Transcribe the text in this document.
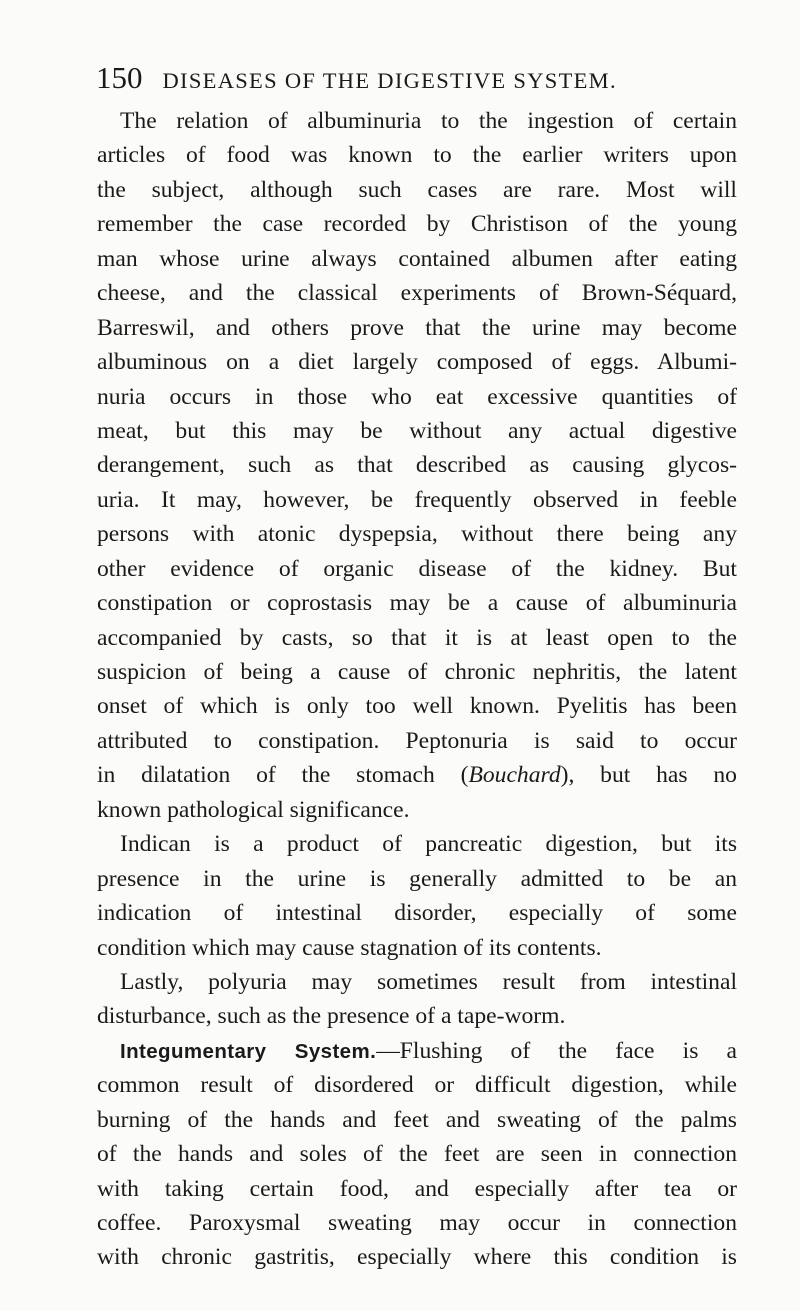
150 DISEASES OF THE DIGESTIVE SYSTEM.
The relation of albuminuria to the ingestion of certain
articles of food was known to the earlier writers upon
the subject, although such cases are rare. Most will
remember the case recorded by Christison of the young
man whose urine always contained albumen after eating
cheese, and the classical experiments of Brown-Séquard,
Barreswil, and others prove that the urine may become
albuminous on a diet largely composed of eggs. Albumi-
nuria occurs in those who eat excessive quantities of
meat, but this may be without any actual digestive
derangement, such as that described as causing glycos-
uria. It may, however, be frequently observed in feeble
persons with atonic dyspepsia, without there being any
other evidence of organic disease of the kidney. But
constipation or coprostasis may be a cause of albuminuria
accompanied by casts, so that it is at least open to the
suspicion of being a cause of chronic nephritis, the latent
onset of which is only too well known. Pyelitis has been
attributed to constipation. Peptonuria is said to occur
in dilatation of the stomach (Bouchard), but has no
known pathological significance.
Indican is a product of pancreatic digestion, but its
presence in the urine is generally admitted to be an
indication of intestinal disorder, especially of some
condition which may cause stagnation of its contents.
Lastly, polyuria may sometimes result from intestinal
disturbance, such as the presence of a tape-worm.
Integumentary System.—Flushing of the face is a
common result of disordered or difficult digestion, while
burning of the hands and feet and sweating of the palms
of the hands and soles of the feet are seen in connection
with taking certain food, and especially after tea or
coffee. Paroxysmal sweating may occur in connection
with chronic gastritis, especially where this condition is
